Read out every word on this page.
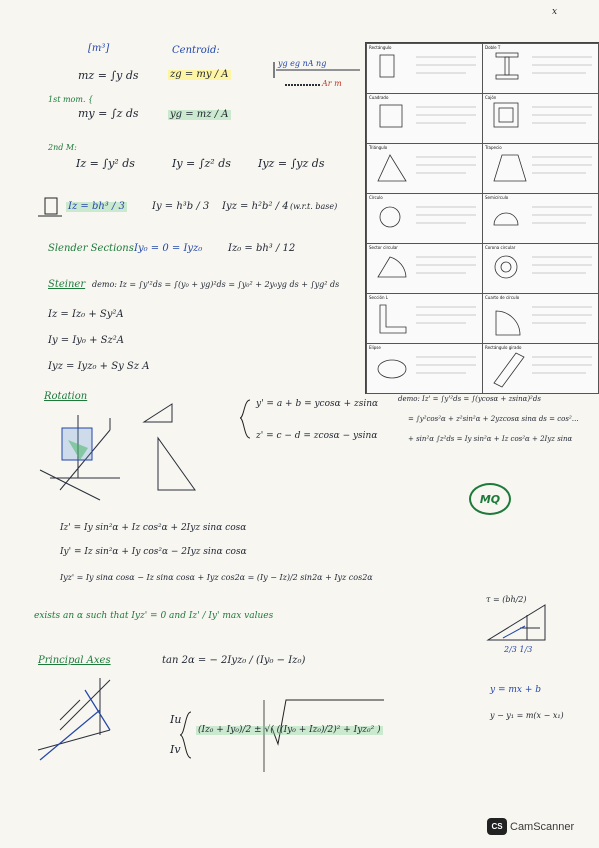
x
[m³]	Centroid:
1st mom. {
mz = ∫y ds
my = ∫z ds
zg = my / A
yg = mz / A
yg eg nA ng
Ar m
2nd M:
Iz = ∫y² ds	Iy = ∫z² ds Iyz = ∫yz ds
Iz = bh³ / 3	Iy = h³b / 3 Iyz = h²b² / 4 (w.r.t. base)
Slender Sections Iy₀ = 0 = Iyz₀	Iz₀ = bh³ / 12
Steiner demo: Iz = ∫y'²ds = ∫(y₀ + yg)²ds = ∫y₀² + 2y₀yg ds + ∫yg² ds
Iz = Iz₀ + Sy²A
Iy = Iy₀ + Sz²A
Iyz = Iyz₀ + Sy Sz A
Rotation
y' = a + b = ycosα + zsinα
z' = c − d = zcosα − ysinα
demo: Iz' = ∫y'²ds = ∫(ycosα + zsinα)²ds
= ∫y²cos²α + z²sin²α + 2yzcosα sinα ds = cos²…
+ sin²α ∫z²ds = Iy sin²α + Iz cos²α + 2Iyz sinα
MQ
Iz' = Iy sin²α + Iz cos²α + 2Iyz sinα cosα
Iy' = Iz sin²α + Iy cos²α − 2Iyz sinα cosα
Iyz' = Iy sinα cosα − Iz sinα cosα + Iyz cos2α = (Iy − Iz)/2 sin2α + Iyz cos2α
exists an α such that Iyz' = 0 and Iz' / Iy' max values
Principal Axes	tan 2α = − 2Iyz₀ / (Iy₀ − Iz₀)
Iu
Iv
(Iz₀ + Iy₀)/2 ± √( ((Iy₀ + Iz₀)/2)² + Iyz₀² )
τ = (bh/2)
2/3 1/3
y = mx + b
y − y₁ = m(x − x₁)
Rectángulo	Doble T
Cuadrado	Cajón
Triángulo	Trapecio
Círculo	Semicírculo
Sector circular	Corona circular
Sección L	Cuarto de círculo
Elipse	Rectángulo girado
CS CamScanner
